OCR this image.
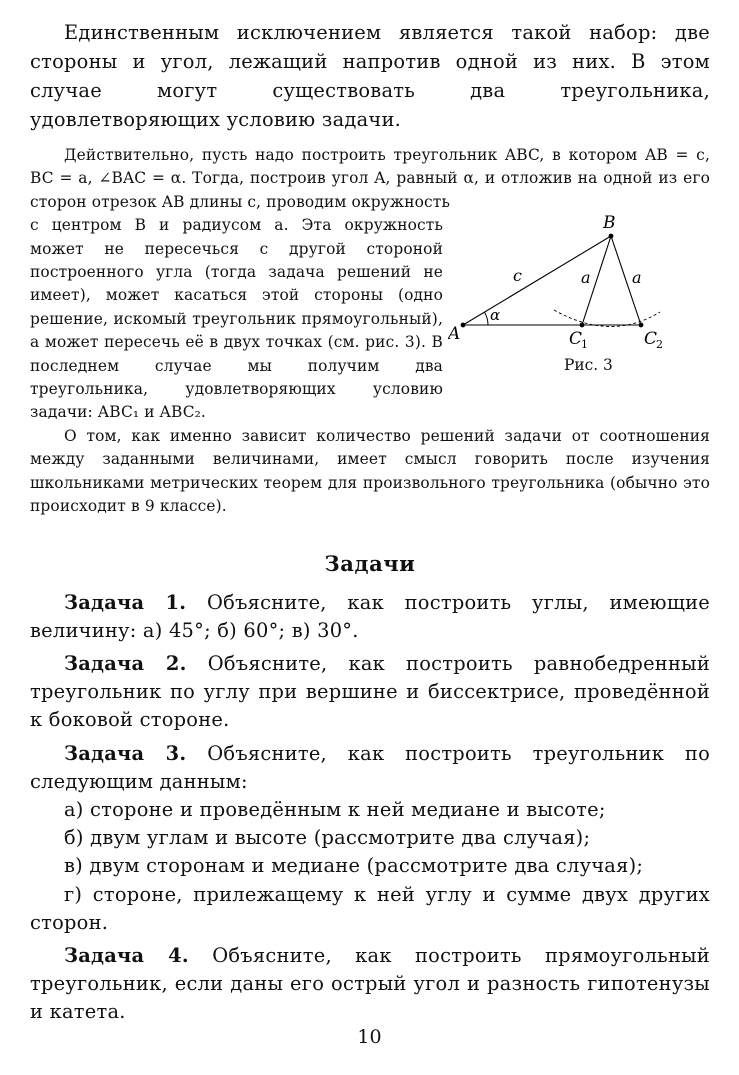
Единственным исключением является такой набор: две стороны и угол, лежащий напротив одной из них. В этом случае могут существовать два треугольника, удовлетворяющих условию задачи.

Действительно, пусть надо построить треугольник ABC, в котором AB = c, BC = a, ∠BAC = α. Тогда, построив угол A, равный α, и отложив на одной из его сторон отрезок AB длины c, проводим окружность

A
B
c	a	a
α
C
1	C
2
Рис. 3

с центром B и радиусом a. Эта окружность может не пересечься с другой стороной построенного угла (тогда задача решений не имеет), может касаться этой стороны (одно решение, искомый треугольник прямоугольный), а может пересечь её в двух точках (см. рис. 3). В последнем случае мы получим два треугольника, удовлетворяющих условию задачи: ABC₁ и ABC₂.

О том, как именно зависит количество решений задачи от соотношения между заданными величинами, имеет смысл говорить после изучения школьниками метрических теорем для произвольного треугольника (обычно это происходит в 9 классе).

Задачи

Задача 1. Объясните, как построить углы, имеющие величину: а) 45°; б) 60°; в) 30°.

Задача 2. Объясните, как построить равнобедренный треугольник по углу при вершине и биссектрисе, проведённой к боковой стороне.

Задача 3. Объясните, как построить треугольник по следующим данным:

а) стороне и проведённым к ней медиане и высоте;

б) двум углам и высоте (рассмотрите два случая);

в) двум сторонам и медиане (рассмотрите два случая);

г) стороне, прилежащему к ней углу и сумме двух других сторон.

Задача 4. Объясните, как построить прямоугольный треугольник, если даны его острый угол и разность гипотенузы и катета.

10
